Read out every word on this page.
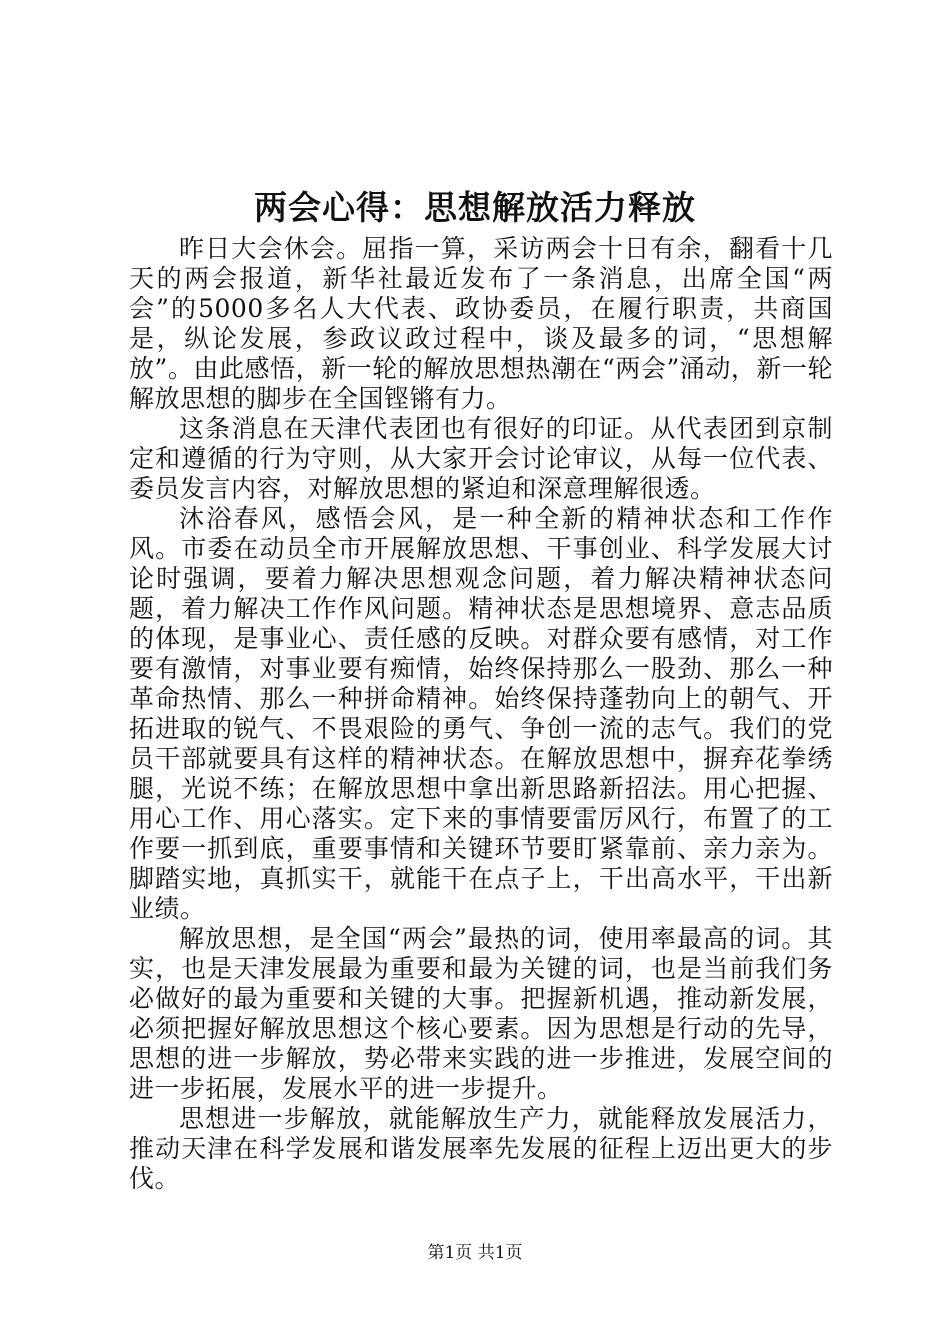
两会心得：思想解放活力释放

昨日大会休会。屈指一算，采访两会十日有余，翻看十几天的两会报道，新华社最近发布了一条消息，出席全国“两会”的5000多名人大代表、政协委员，在履行职责，共商国是，纵论发展，参政议政过程中，谈及最多的词，“思想解放”。由此感悟，新一轮的解放思想热潮在“两会”涌动，新一轮解放思想的脚步在全国铿锵有力。

这条消息在天津代表团也有很好的印证。从代表团到京制定和遵循的行为守则，从大家开会讨论审议，从每一位代表、委员发言内容，对解放思想的紧迫和深意理解很透。

沐浴春风，感悟会风，是一种全新的精神状态和工作作风。市委在动员全市开展解放思想、干事创业、科学发展大讨论时强调，要着力解决思想观念问题，着力解决精神状态问题，着力解决工作作风问题。精神状态是思想境界、意志品质的体现，是事业心、责任感的反映。对群众要有感情，对工作要有激情，对事业要有痴情，始终保持那么一股劲、那么一种革命热情、那么一种拼命精神。始终保持蓬勃向上的朝气、开拓进取的锐气、不畏艰险的勇气、争创一流的志气。我们的党员干部就要具有这样的精神状态。在解放思想中，摒弃花拳绣腿，光说不练；在解放思想中拿出新思路新招法。用心把握、用心工作、用心落实。定下来的事情要雷厉风行，布置了的工作要一抓到底，重要事情和关键环节要盯紧靠前、亲力亲为。脚踏实地，真抓实干，就能干在点子上，干出高水平，干出新业绩。

解放思想，是全国“两会”最热的词，使用率最高的词。其实，也是天津发展最为重要和最为关键的词，也是当前我们务必做好的最为重要和关键的大事。把握新机遇，推动新发展，必须把握好解放思想这个核心要素。因为思想是行动的先导，思想的进一步解放，势必带来实践的进一步推进，发展空间的进一步拓展，发展水平的进一步提升。

思想进一步解放，就能解放生产力，就能释放发展活力，推动天津在科学发展和谐发展率先发展的征程上迈出更大的步伐。

第1页 共1页
